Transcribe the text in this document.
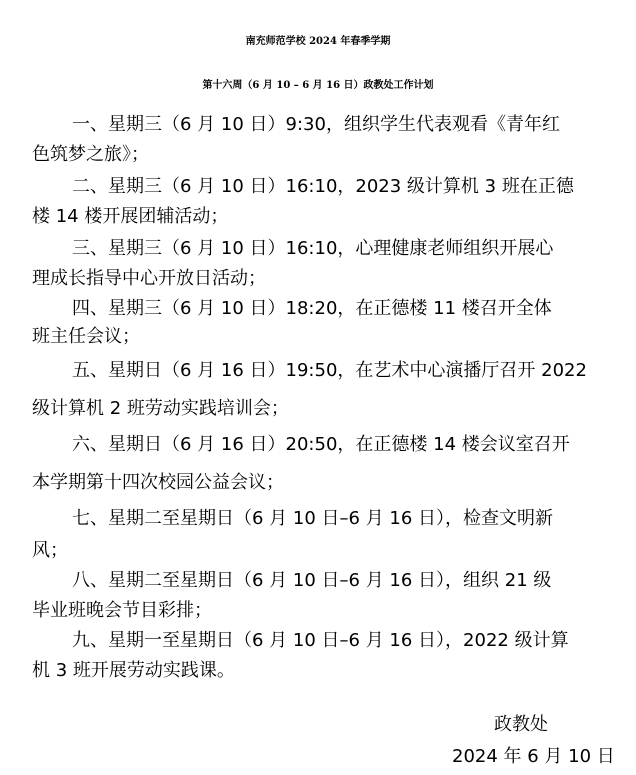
南充师范学校 2024 年春季学期
第十六周（6 月 10 – 6 月 16 日）政教处工作计划
一、星期三（6 月 10 日）9:30，组织学生代表观看《青年红
色筑梦之旅》；
二、星期三（6 月 10 日）16:10，2023 级计算机 3 班在正德
楼 14 楼开展团辅活动；
三、星期三（6 月 10 日）16:10，心理健康老师组织开展心
理成长指导中心开放日活动；
四、星期三（6 月 10 日）18:20，在正德楼 11 楼召开全体
班主任会议；
五、星期日（6 月 16 日）19:50，在艺术中心演播厅召开 2022
级计算机 2 班劳动实践培训会；
六、星期日（6 月 16 日）20:50，在正德楼 14 楼会议室召开
本学期第十四次校园公益会议；
七、星期二至星期日（6 月 10 日–6 月 16 日），检查文明新
风；
八、星期二至星期日（6 月 10 日–6 月 16 日），组织 21 级
毕业班晚会节目彩排；
九、星期一至星期日（6 月 10 日–6 月 16 日），2022 级计算
机 3 班开展劳动实践课。
政教处
2024 年 6 月 10 日
